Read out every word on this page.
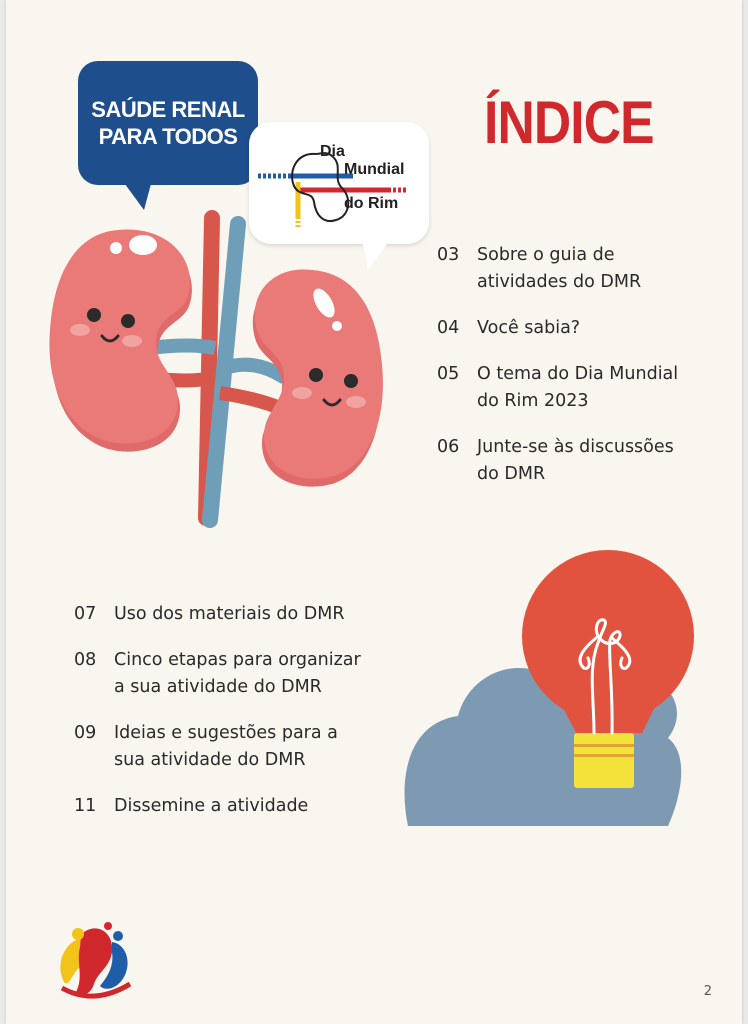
SAÚDE RENAL
PARA TODOS
Dia
Mundial
do Rim
ÍNDICE
03	Sobre o guia de
atividades do DMR
04	Você sabia?
05	O tema do Dia Mundial
do Rim 2023
06	Junte-se às discussões
do DMR
07	Uso dos materiais do DMR
08	Cinco etapas para organizar
a sua atividade do DMR
09	Ideias e sugestões para a
sua atividade do DMR
11	Dissemine a atividade
2
